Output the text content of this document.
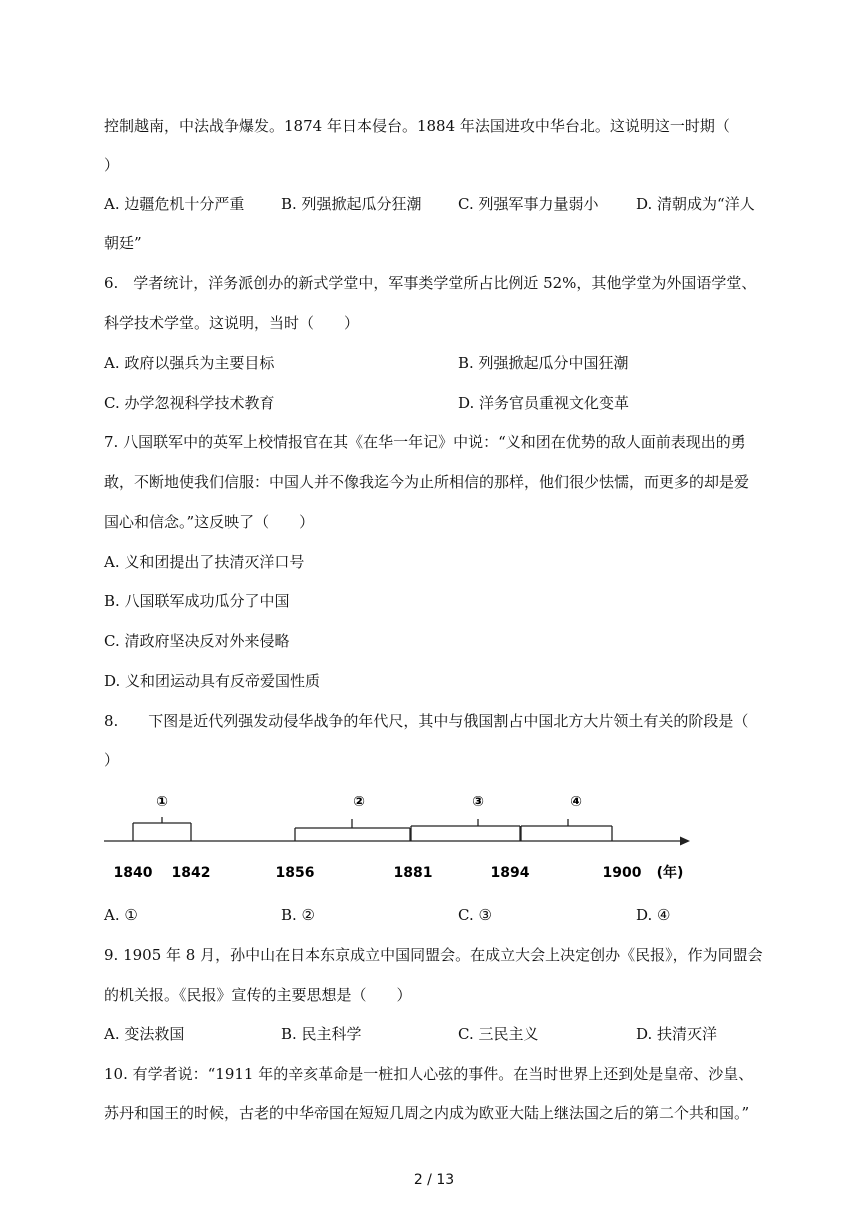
控制越南，中法战争爆发。1874 年日本侵台。1884 年法国进攻中华台北。这说明这一时期（
）
A. 边疆危机十分严重 B. 列强掀起瓜分狂潮 C. 列强军事力量弱小	D. 清朝成为“洋人
朝廷”
6.　学者统计，洋务派创办的新式学堂中，军事类学堂所占比例近 52%，其他学堂为外国语学堂、
科学技术学堂。这说明，当时（　　）
A. 政府以强兵为主要目标	B. 列强掀起瓜分中国狂潮
C. 办学忽视科学技术教育	D. 洋务官员重视文化变革
7. 八国联军中的英军上校情报官在其《在华一年记》中说：“义和团在优势的敌人面前表现出的勇
敢，不断地使我们信服：中国人并不像我迄今为止所相信的那样，他们很少怯懦，而更多的却是爱
国心和信念。”这反映了（　　）
A. 义和团提出了扶清灭洋口号
B. 八国联军成功瓜分了中国
C. 清政府坚决反对外来侵略
D. 义和团运动具有反帝爱国性质
8.　　下图是近代列强发动侵华战争的年代尺，其中与俄国割占中国北方大片领土有关的阶段是（
）
①	②	③	④
1840 1842	1856	1881	1894	1900 (年)
A. ①	B. ②	C. ③	D. ④
9. 1905 年 8 月，孙中山在日本东京成立中国同盟会。在成立大会上决定创办《民报》，作为同盟会
的机关报。《民报》宣传的主要思想是（　　）
A. 变法救国	B. 民主科学	C. 三民主义	D. 扶清灭洋
10. 有学者说：“1911 年的辛亥革命是一桩扣人心弦的事件。在当时世界上还到处是皇帝、沙皇、
苏丹和国王的时候，古老的中华帝国在短短几周之内成为欧亚大陆上继法国之后的第二个共和国。”
2 / 13
